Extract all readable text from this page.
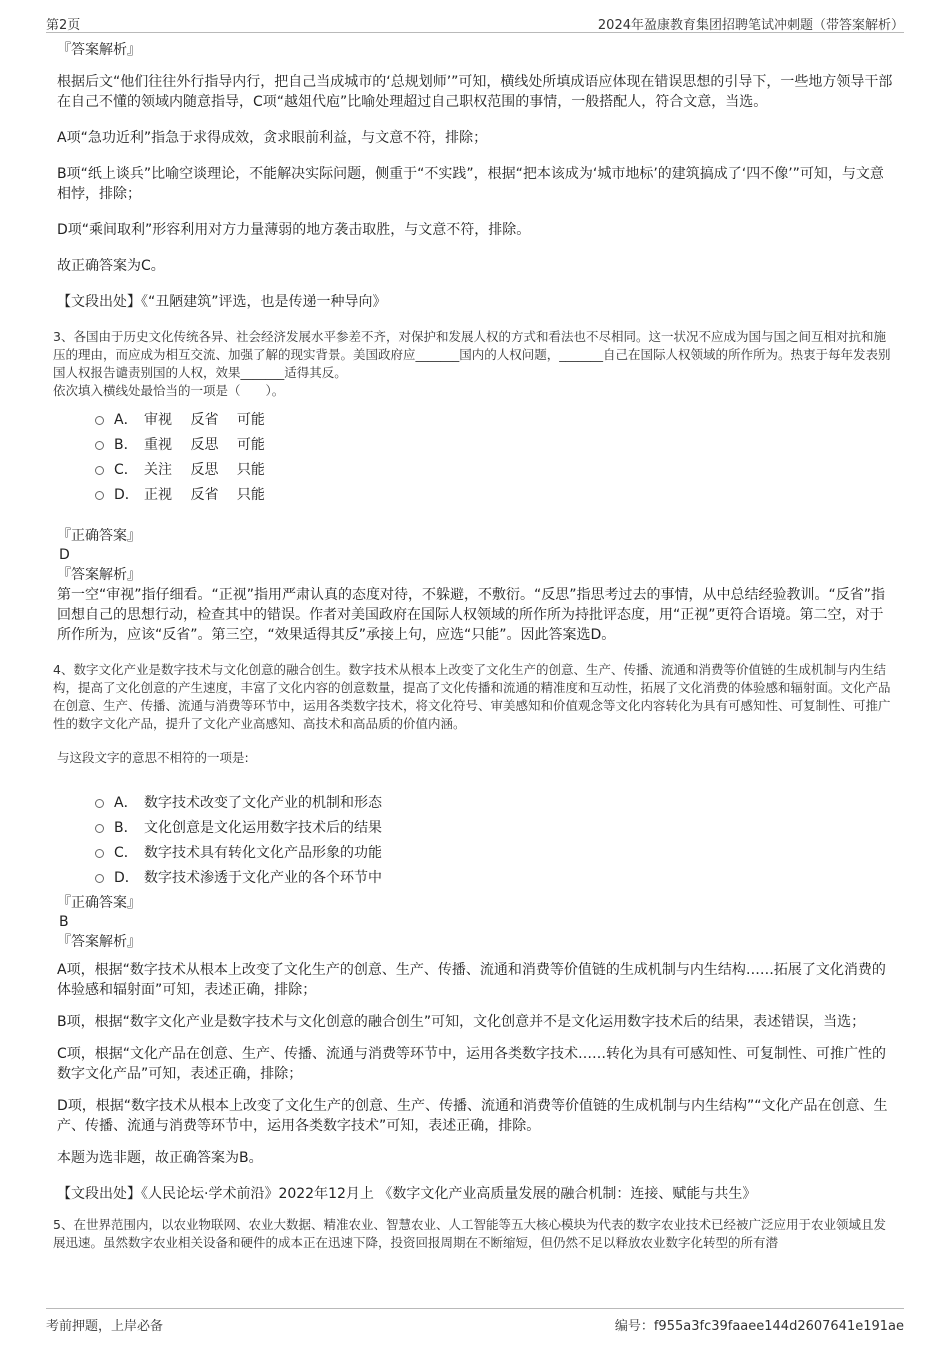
第2页	2024年盈康教育集团招聘笔试冲刺题（带答案解析）

『答案解析』

根据后文“他们往往外行指导内行，把自己当成城市的‘总规划师’”可知，横线处所填成语应体现在错误思想的引导下，一些地方领导干部在自己不懂的领域内随意指导，C项“越俎代庖”比喻处理超过自己职权范围的事情，一般搭配人，符合文意，当选。

A项“急功近利”指急于求得成效，贪求眼前利益，与文意不符，排除；

B项“纸上谈兵”比喻空谈理论，不能解决实际问题，侧重于“不实践”，根据“把本该成为‘城市地标’的建筑搞成了‘四不像’”可知，与文意相悖，排除；

D项“乘间取利”形容利用对方力量薄弱的地方袭击取胜，与文意不符，排除。

故正确答案为C。

【文段出处】《“丑陋建筑”评选，也是传递一种导向》

3、各国由于历史文化传统各异、社会经济发展水平参差不齐，对保护和发展人权的方式和看法也不尽相同。这一状况不应成为国与国之间互相对抗和施压的理由，而应成为相互交流、加强了解的现实背景。美国政府应_______国内的人权问题，_______自己在国际人权领域的所作所为。热衷于每年发表别国人权报告谴责别国的人权，效果_______适得其反。

依次填入横线处最恰当的一项是（　　）。

A． 审视　 反省　 可能
B． 重视　 反思　 可能
C． 关注　 反思　 只能
D． 正视　 反省　 只能

『正确答案』

D

『答案解析』

第一空“审视”指仔细看。“正视”指用严肃认真的态度对待，不躲避，不敷衍。“反思”指思考过去的事情，从中总结经验教训。“反省”指回想自己的思想行动，检查其中的错误。作者对美国政府在国际人权领域的所作所为持批评态度，用“正视”更符合语境。第二空，对于所作所为，应该“反省”。第三空，“效果适得其反”承接上句，应选“只能”。因此答案选D。

4、数字文化产业是数字技术与文化创意的融合创生。数字技术从根本上改变了文化生产的创意、生产、传播、流通和消费等价值链的生成机制与内生结构，提高了文化创意的产生速度，丰富了文化内容的创意数量，提高了文化传播和流通的精准度和互动性，拓展了文化消费的体验感和辐射面。文化产品在创意、生产、传播、流通与消费等环节中，运用各类数字技术，将文化符号、审美感知和价值观念等文化内容转化为具有可感知性、可复制性、可推广性的数字文化产品，提升了文化产业高感知、高技术和高品质的价值内涵。

与这段文字的意思不相符的一项是:

A． 数字技术改变了文化产业的机制和形态
B． 文化创意是文化运用数字技术后的结果
C． 数字技术具有转化文化产品形象的功能
D． 数字技术渗透于文化产业的各个环节中

『正确答案』

B

『答案解析』

A项，根据“数字技术从根本上改变了文化生产的创意、生产、传播、流通和消费等价值链的生成机制与内生结构……拓展了文化消费的体验感和辐射面”可知，表述正确，排除；

B项，根据“数字文化产业是数字技术与文化创意的融合创生”可知，文化创意并不是文化运用数字技术后的结果，表述错误，当选；

C项，根据“文化产品在创意、生产、传播、流通与消费等环节中，运用各类数字技术……转化为具有可感知性、可复制性、可推广性的数字文化产品”可知，表述正确，排除；

D项，根据“数字技术从根本上改变了文化生产的创意、生产、传播、流通和消费等价值链的生成机制与内生结构”“文化产品在创意、生产、传播、流通与消费等环节中，运用各类数字技术”可知，表述正确，排除。

本题为选非题，故正确答案为B。

【文段出处】《人民论坛·学术前沿》2022年12月上 《数字文化产业高质量发展的融合机制：连接、赋能与共生》

5、在世界范围内，以农业物联网、农业大数据、精准农业、智慧农业、人工智能等五大核心模块为代表的数字农业技术已经被广泛应用于农业领域且发展迅速。虽然数字农业相关设备和硬件的成本正在迅速下降，投资回报周期在不断缩短，但仍然不足以释放农业数字化转型的所有潜

考前押题，上岸必备	编号：f955a3fc39faaee144d2607641e191ae
